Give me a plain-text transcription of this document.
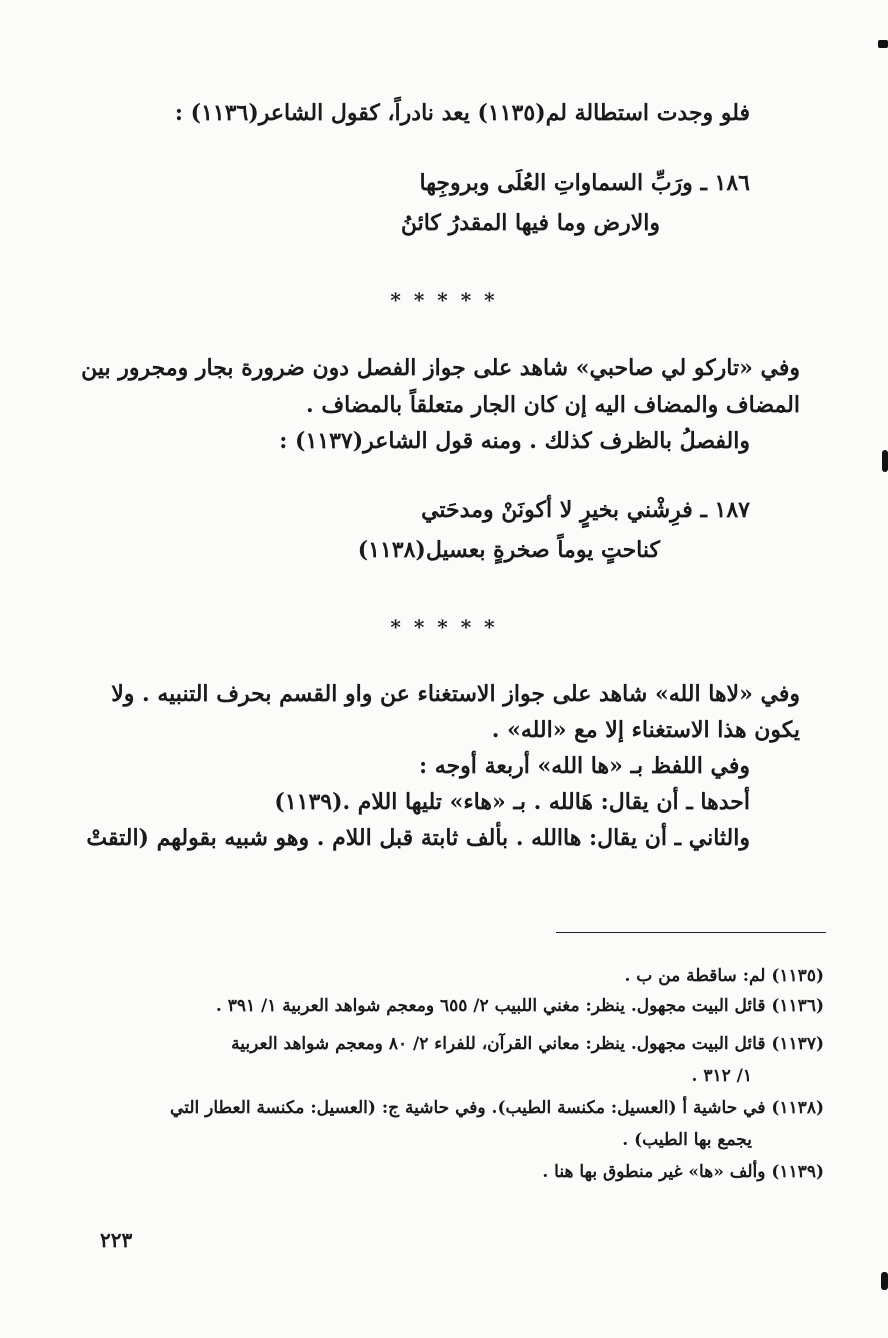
فلو وجدت استطالة لم(١١٣٥) يعد نادراً، كقول الشاعر(١١٣٦) :
١٨٦ ـ ورَبِّ السماواتِ العُلَى وبروجِها
والارض وما فيها المقدرُ كائنُ
* * * * *
وفي «تاركو لي صاحبي» شاهد على جواز الفصل دون ضرورة بجار ومجرور بين
المضاف والمضاف اليه إن كان الجار متعلقاً بالمضاف .
والفصلُ بالظرف كذلك . ومنه قول الشاعر(١١٣٧) :
١٨٧ ـ فرِشْني بخيرٍ لا أكونَنْ ومدحَتي
كناحتٍ يوماً صخرةٍ بعسيل(١١٣٨)
* * * * *
وفي «لاها الله» شاهد على جواز الاستغناء عن واو القسم بحرف التنبيه . ولا
يكون هذا الاستغناء إلا مع «الله» .
وفي اللفظ بـ «ها الله» أربعة أوجه :
أحدها ـ أن يقال: هَالله . بـ «هاء» تليها اللام .(١١٣٩)
والثاني ـ أن يقال: هاالله . بألف ثابتة قبل اللام . وهو شبيه بقولهم (التقتْ
(١١٣٥) لم: ساقطة من ب .
(١١٣٦) قائل البيت مجهول. ينظر: مغني اللبيب ٢/ ٦٥٥ ومعجم شواهد العربية ١/ ٣٩١ .
(١١٣٧) قائل البيت مجهول. ينظر: معاني القرآن، للفراء ٢/ ٨٠ ومعجم شواهد العربية
١/ ٣١٢ .
(١١٣٨) في حاشية أ (العسيل: مكنسة الطيب). وفي حاشية ج: (العسيل: مكنسة العطار التي
يجمع بها الطيب) .
(١١٣٩) وألف «ها» غير منطوق بها هنا .
٢٢٣
